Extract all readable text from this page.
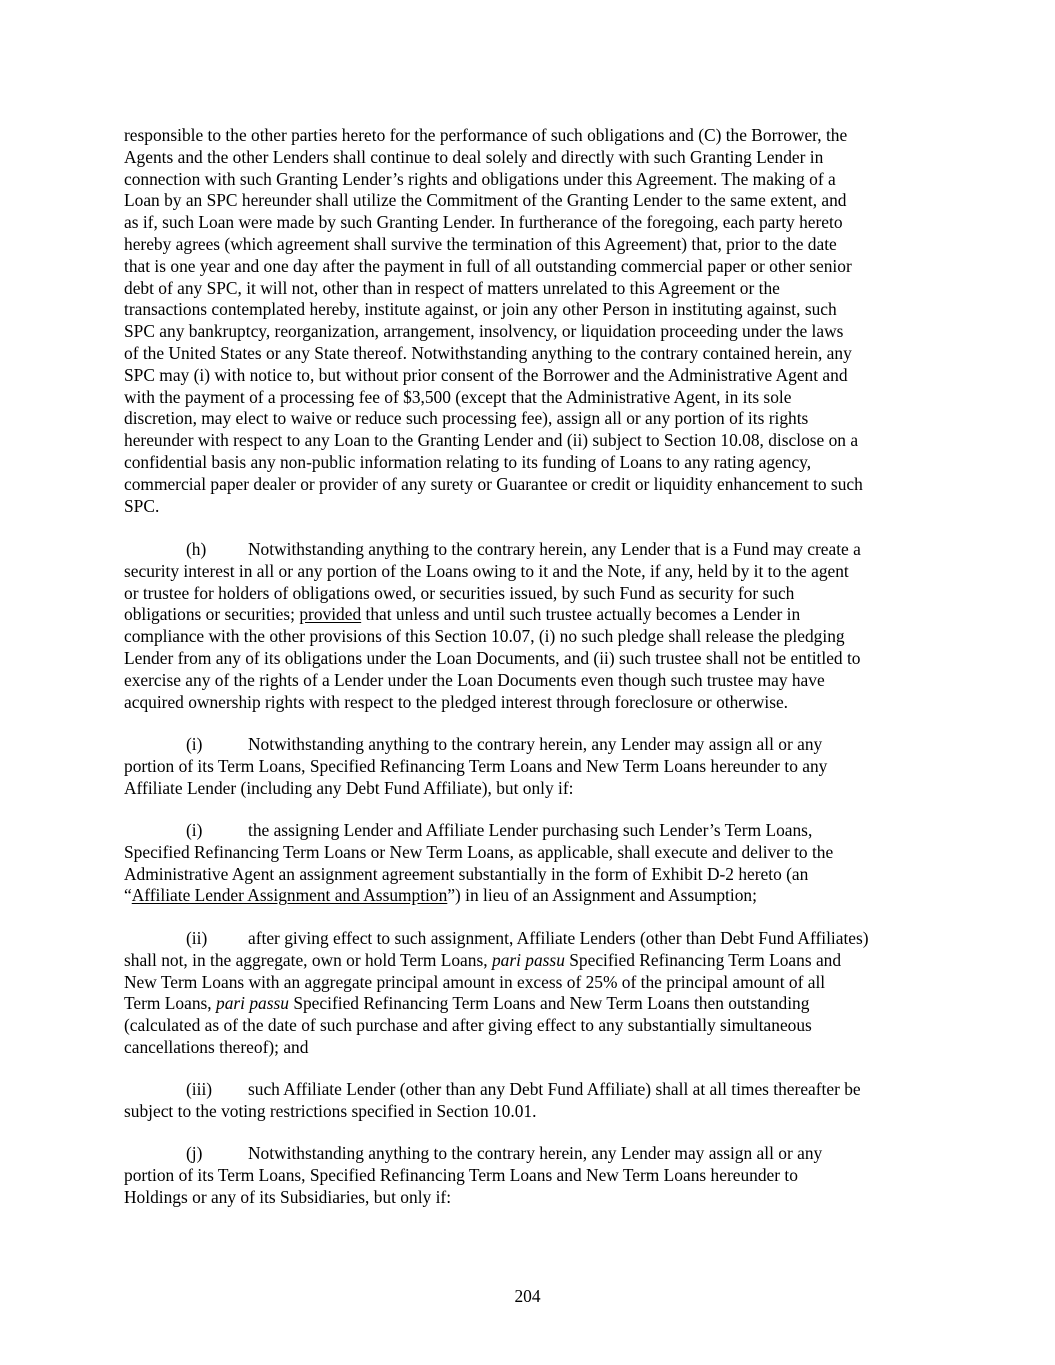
responsible to the other parties hereto for the performance of such obligations and (C) the Borrower, the
Agents and the other Lenders shall continue to deal solely and directly with such Granting Lender in
connection with such Granting Lender’s rights and obligations under this Agreement. The making of a
Loan by an SPC hereunder shall utilize the Commitment of the Granting Lender to the same extent, and
as if, such Loan were made by such Granting Lender. In furtherance of the foregoing, each party hereto
hereby agrees (which agreement shall survive the termination of this Agreement) that, prior to the date
that is one year and one day after the payment in full of all outstanding commercial paper or other senior
debt of any SPC, it will not, other than in respect of matters unrelated to this Agreement or the
transactions contemplated hereby, institute against, or join any other Person in instituting against, such
SPC any bankruptcy, reorganization, arrangement, insolvency, or liquidation proceeding under the laws
of the United States or any State thereof. Notwithstanding anything to the contrary contained herein, any
SPC may (i) with notice to, but without prior consent of the Borrower and the Administrative Agent and
with the payment of a processing fee of $3,500 (except that the Administrative Agent, in its sole
discretion, may elect to waive or reduce such processing fee), assign all or any portion of its rights
hereunder with respect to any Loan to the Granting Lender and (ii) subject to Section 10.08, disclose on a
confidential basis any non-public information relating to its funding of Loans to any rating agency,
commercial paper dealer or provider of any surety or Guarantee or credit or liquidity enhancement to such
SPC.
(h) Notwithstanding anything to the contrary herein, any Lender that is a Fund may create a
security interest in all or any portion of the Loans owing to it and the Note, if any, held by it to the agent
or trustee for holders of obligations owed, or securities issued, by such Fund as security for such
obligations or securities; provided that unless and until such trustee actually becomes a Lender in
compliance with the other provisions of this Section 10.07, (i) no such pledge shall release the pledging
Lender from any of its obligations under the Loan Documents, and (ii) such trustee shall not be entitled to
exercise any of the rights of a Lender under the Loan Documents even though such trustee may have
acquired ownership rights with respect to the pledged interest through foreclosure or otherwise.
(i)	Notwithstanding anything to the contrary herein, any Lender may assign all or any
portion of its Term Loans, Specified Refinancing Term Loans and New Term Loans hereunder to any
Affiliate Lender (including any Debt Fund Affiliate), but only if:
(i)	the assigning Lender and Affiliate Lender purchasing such Lender’s Term Loans,
Specified Refinancing Term Loans or New Term Loans, as applicable, shall execute and deliver to the
Administrative Agent an assignment agreement substantially in the form of Exhibit D-2 hereto (an
“Affiliate Lender Assignment and Assumption”) in lieu of an Assignment and Assumption;
(ii) after giving effect to such assignment, Affiliate Lenders (other than Debt Fund Affiliates)
shall not, in the aggregate, own or hold Term Loans, pari passu Specified Refinancing Term Loans and
New Term Loans with an aggregate principal amount in excess of 25% of the principal amount of all
Term Loans, pari passu Specified Refinancing Term Loans and New Term Loans then outstanding
(calculated as of the date of such purchase and after giving effect to any substantially simultaneous
cancellations thereof); and
(iii) such Affiliate Lender (other than any Debt Fund Affiliate) shall at all times thereafter be
subject to the voting restrictions specified in Section 10.01.
(j)	Notwithstanding anything to the contrary herein, any Lender may assign all or any
portion of its Term Loans, Specified Refinancing Term Loans and New Term Loans hereunder to
Holdings or any of its Subsidiaries, but only if:
204
